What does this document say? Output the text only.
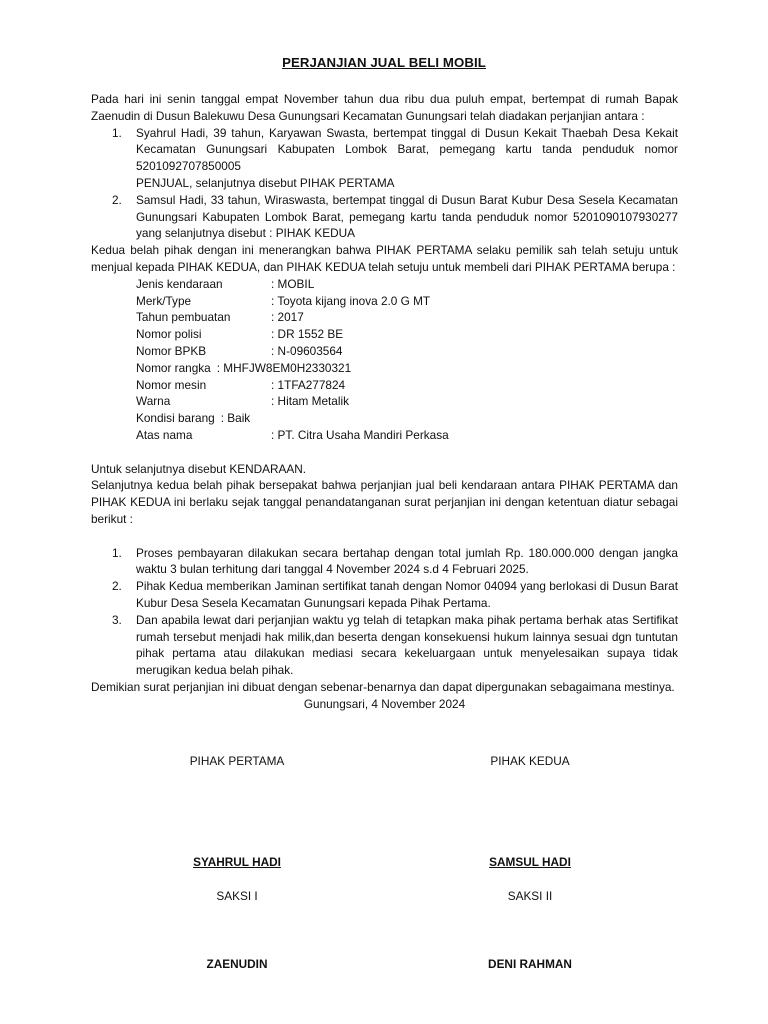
PERJANJIAN JUAL BELI MOBIL

Pada hari ini senin tanggal empat November tahun dua ribu dua puluh empat, bertempat di rumah Bapak Zaenudin di Dusun Balekuwu Desa Gunungsari Kecamatan Gunungsari telah diadakan perjanjian antara :

1. Syahrul Hadi, 39 tahun, Karyawan Swasta, bertempat tinggal di Dusun Kekait Thaebah Desa Kekait Kecamatan Gunungsari Kabupaten Lombok Barat, pemegang kartu tanda penduduk nomor 5201092707850005
PENJUAL, selanjutnya disebut PIHAK PERTAMA
2. Samsul Hadi, 33 tahun, Wiraswasta, bertempat tinggal di Dusun Barat Kubur Desa Sesela Kecamatan Gunungsari Kabupaten Lombok Barat, pemegang kartu tanda penduduk nomor 5201090107930277 yang selanjutnya disebut : PIHAK KEDUA

Kedua belah pihak dengan ini menerangkan bahwa PIHAK PERTAMA selaku pemilik sah telah setuju untuk menjual kepada PIHAK KEDUA, dan PIHAK KEDUA telah setuju untuk membeli dari PIHAK PERTAMA berupa :

Jenis kendaraan	: MOBIL
Merk/Type	: Toyota kijang inova 2.0 G MT
Tahun pembuatan	: 2017
Nomor polisi	: DR 1552 BE
Nomor BPKB	: N-09603564
Nomor rangka : MHFJW8EM0H2330321
Nomor mesin	: 1TFA277824
Warna	: Hitam Metalik
Kondisi barang : Baik
Atas nama	: PT. Citra Usaha Mandiri Perkasa

Untuk selanjutnya disebut KENDARAAN.

Selanjutnya kedua belah pihak bersepakat bahwa perjanjian jual beli kendaraan antara PIHAK PERTAMA dan PIHAK KEDUA ini berlaku sejak tanggal penandatanganan surat perjanjian ini dengan ketentuan diatur sebagai berikut :

1. Proses pembayaran dilakukan secara bertahap dengan total jumlah Rp. 180.000.000 dengan jangka waktu 3 bulan terhitung dari tanggal 4 November 2024 s.d 4 Februari 2025.
2. Pihak Kedua memberikan Jaminan sertifikat tanah dengan Nomor 04094 yang berlokasi di Dusun Barat Kubur Desa Sesela Kecamatan Gunungsari kepada Pihak Pertama.
3. Dan apabila lewat dari perjanjian waktu yg telah di tetapkan maka pihak pertama berhak atas Sertifikat rumah tersebut menjadi hak milik,dan beserta dengan konsekuensi hukum lainnya sesuai dgn tuntutan pihak pertama atau dilakukan mediasi secara kekeluargaan untuk menyelesaikan supaya tidak merugikan kedua belah pihak.

Demikian surat perjanjian ini dibuat dengan sebenar-benarnya dan dapat dipergunakan sebagaimana mestinya.

Gunungsari, 4 November 2024
PIHAK PERTAMA	PIHAK KEDUA
SYAHRUL HADI	SAMSUL HADI
SAKSI I	SAKSI II
ZAENUDIN	DENI RAHMAN
